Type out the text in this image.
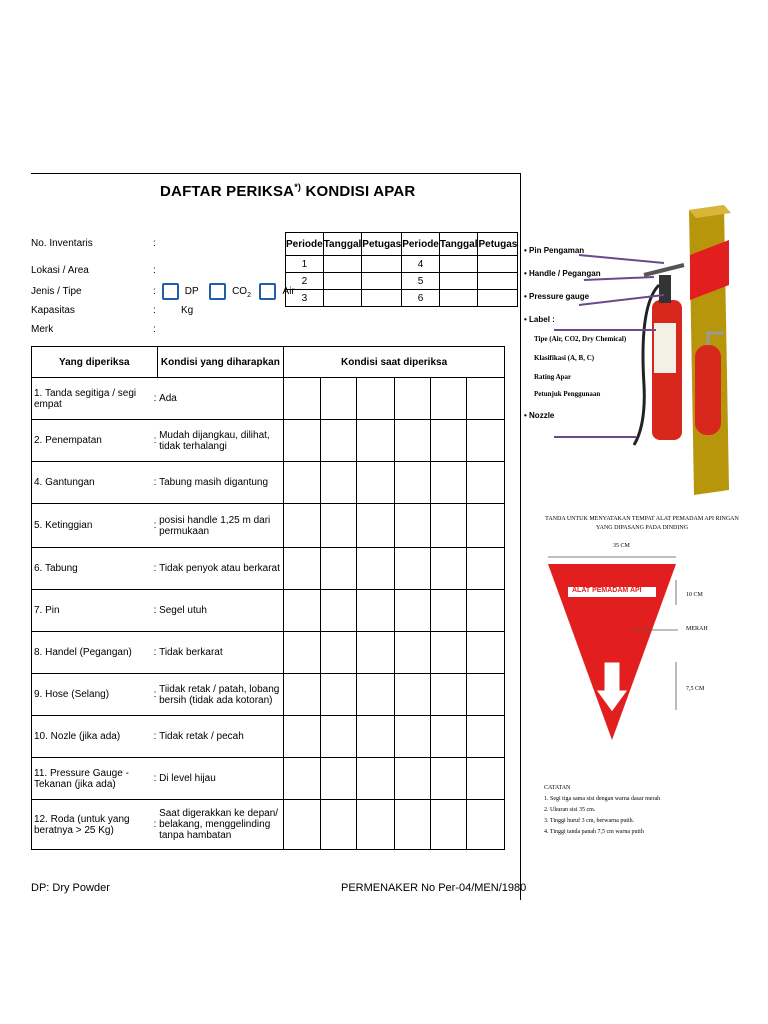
DAFTAR PERIKSA*) KONDISI APAR
No. Inventaris	:
Lokasi / Area	:
Jenis / Tipe	:	DP	$CO_2$	Air
Kapasitas	:	Kg
Merk	:
Periode	Tanggal	Petugas	Periode	Tanggal	Petugas
1			4		
2			5		
3			6		
Yang diperiksa		Kondisi yang diharapkan	Kondisi saat diperiksa					
1. Tanda segitiga / segi empat	:	Ada						
2. Penempatan	:	Mudah dijangkau, dilihat, tidak terhalangi						
4. Gantungan	:	Tabung masih digantung						
5. Ketinggian	:	posisi handle 1,25 m dari permukaan						
6. Tabung	:	Tidak penyok atau berkarat						
7. Pin	:	Segel utuh						
8. Handel (Pegangan)	:	Tidak berkarat						
9. Hose (Selang)	:	Tiidak retak / patah, lobang bersih (tidak ada kotoran)						
10. Nozle (jika ada)	:	Tidak retak / pecah						
11. Pressure Gauge - Tekanan (jika ada)	:	Di level hijau						
12. Roda (untuk yang beratnya > 25 Kg)	:	Saat digerakkan ke depan/ belakang, menggelinding tanpa hambatan						
DP: Dry Powder	PERMENAKER No Per-04/MEN/1980
• Pin Pengaman
• Handle / Pegangan
• Pressure gauge
• Label :
Tipe (Air, CO2, Dry Chemical)
Klasifikasi (A, B, C)
Rating Apar
Petunjuk Penggunaan
• Nozzle
TANDA UNTUK MENYATAKAN TEMPAT ALAT PEMADAM API RINGAN
YANG DIPASANG PADA DINDING
35 CM
ALAT PEMADAM API
10 CM
MERAH
7,5 CM
CATATAN
1. Segi tiga sama sisi dengan warna dasar merah
2. Ukuran sisi 35 cm.
3. Tinggi huruf 3 cm, berwarna putih.
4. Tinggi tanda panah 7,5 cm warna putih
